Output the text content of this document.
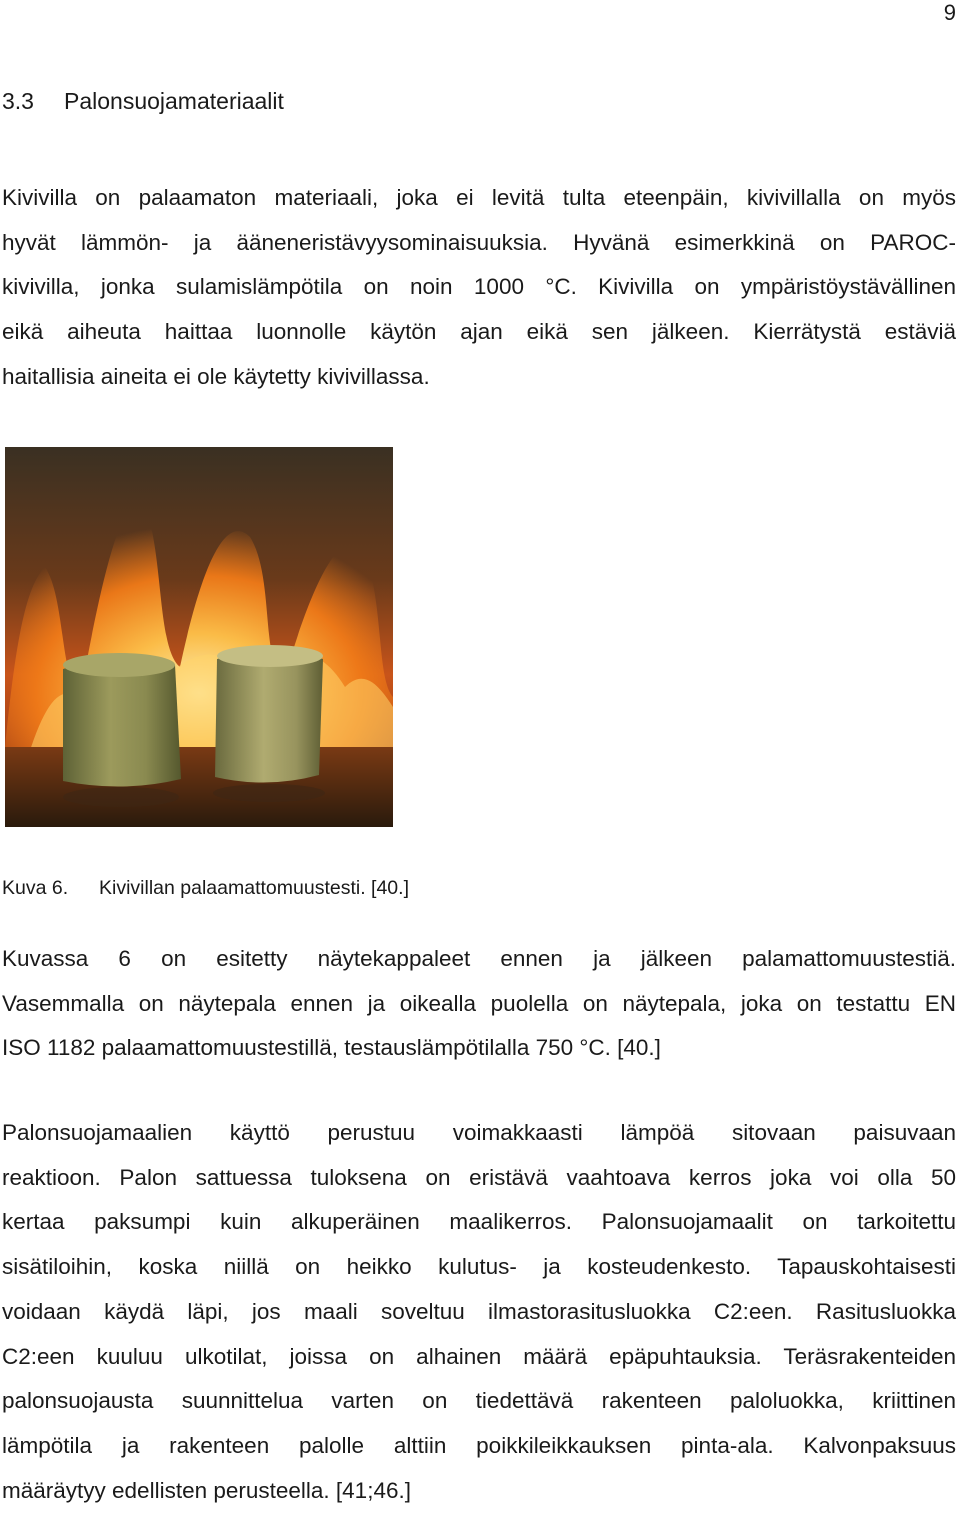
9
3.3 Palonsuojamateriaalit
Kivivilla on palaamaton materiaali, joka ei levitä tulta eteenpäin, kivivillalla on myös
hyvät lämmön- ja ääneneristävyysominaisuuksia. Hyvänä esimerkkinä on PAROC-
kivivilla, jonka sulamislämpötila on noin 1000 °C. Kivivilla on ympäristöystävällinen
eikä aiheuta haittaa luonnolle käytön ajan eikä sen jälkeen. Kierrätystä estäviä
haitallisia aineita ei ole käytetty kivivillassa.
Kuva 6. Kivivillan palaamattomuustesti. [40.]
Kuvassa 6 on esitetty näytekappaleet ennen ja jälkeen palamattomuustestiä.
Vasemmalla on näytepala ennen ja oikealla puolella on näytepala, joka on testattu EN
ISO 1182 palaamattomuustestillä, testauslämpötilalla 750 °C. [40.]
Palonsuojamaalien käyttö perustuu voimakkaasti lämpöä sitovaan paisuvaan
reaktioon. Palon sattuessa tuloksena on eristävä vaahtoava kerros joka voi olla 50
kertaa paksumpi kuin alkuperäinen maalikerros. Palonsuojamaalit on tarkoitettu
sisätiloihin, koska niillä on heikko kulutus- ja kosteudenkesto. Tapauskohtaisesti
voidaan käydä läpi, jos maali soveltuu ilmastorasitusluokka C2:een. Rasitusluokka
C2:een kuuluu ulkotilat, joissa on alhainen määrä epäpuhtauksia. Teräsrakenteiden
palonsuojausta suunnittelua varten on tiedettävä rakenteen paloluokka, kriittinen
lämpötila ja rakenteen palolle alttiin poikkileikkauksen pinta-ala. Kalvonpaksuus
määräytyy edellisten perusteella. [41;46.]
